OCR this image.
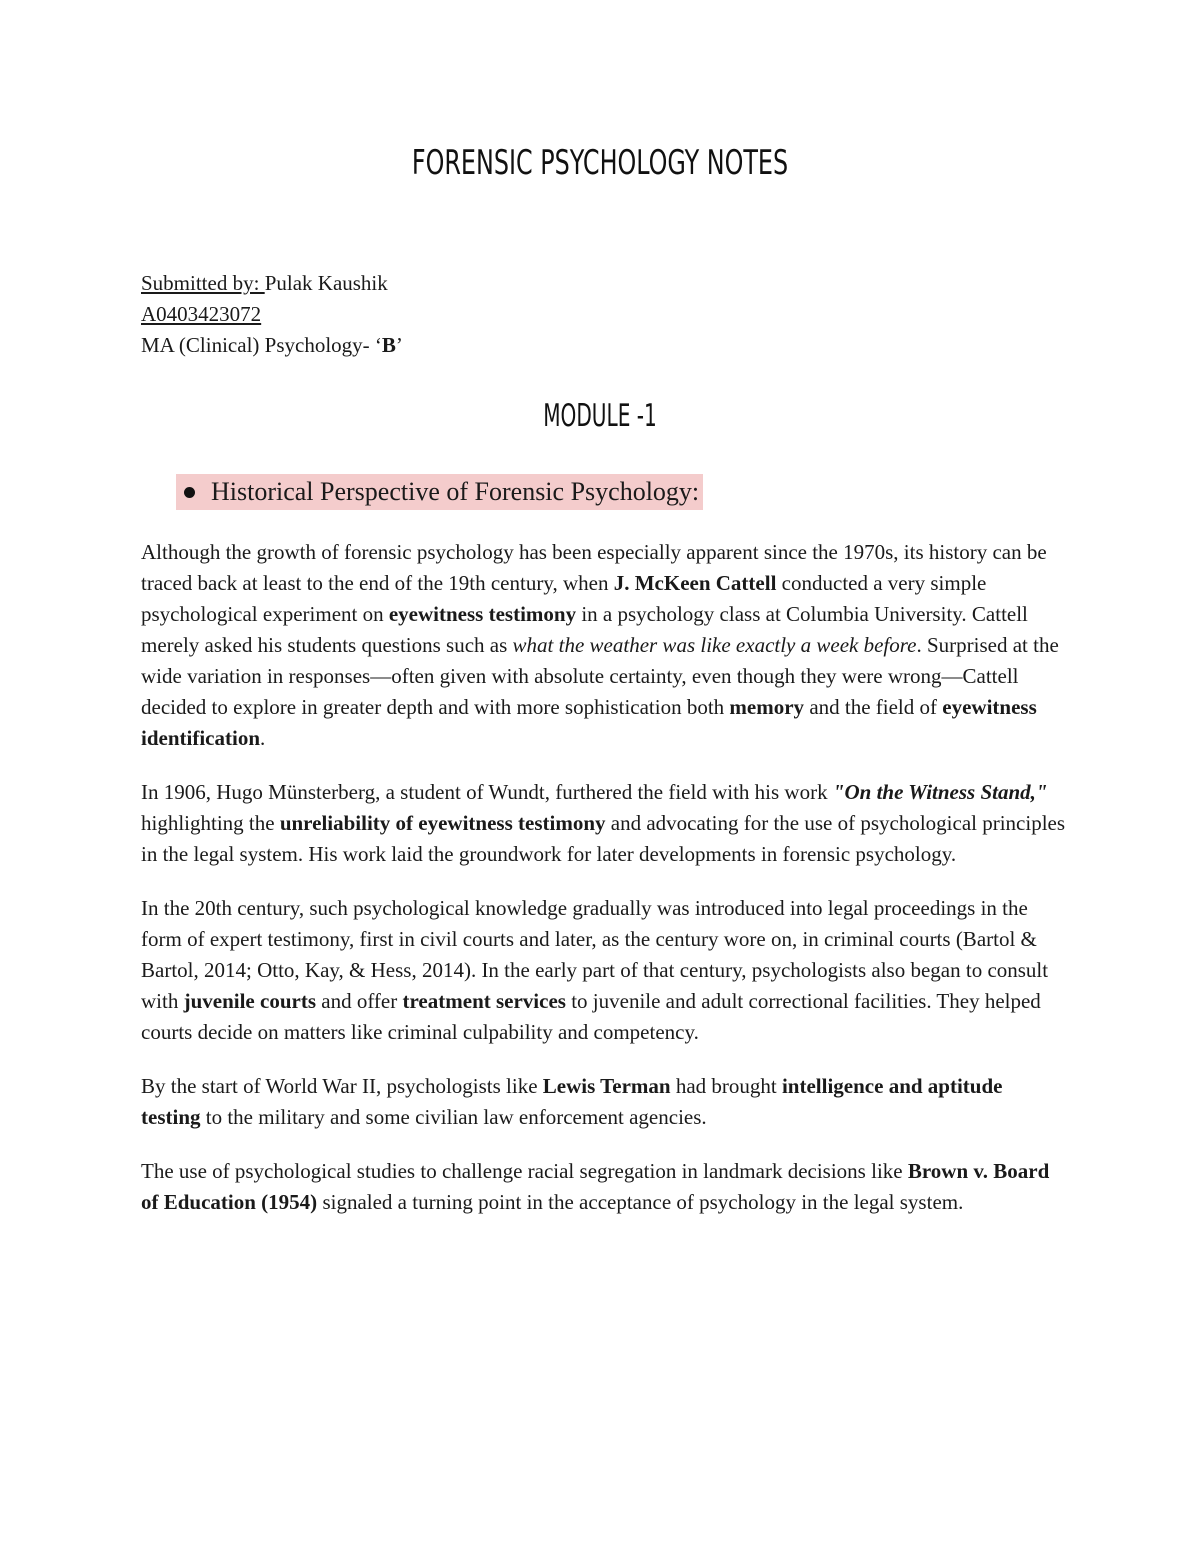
FORENSIC PSYCHOLOGY NOTES
Submitted by: Pulak Kaushik
A0403423072
MA (Clinical) Psychology- ‘B’
MODULE -1
Historical Perspective of Forensic Psychology:

Although the growth of forensic psychology has been especially apparent since the 1970s, its history can be traced back at least to the end of the 19th century, when J. McKeen Cattell conducted a very simple psychological experiment on eyewitness testimony in a psychology class at Columbia University. Cattell merely asked his students questions such as what the weather was like exactly a week before. Surprised at the wide variation in responses—often given with absolute certainty, even though they were wrong—Cattell decided to explore in greater depth and with more sophistication both memory and the field of eyewitness identification.

In 1906, Hugo Münsterberg, a student of Wundt, furthered the field with his work "On the Witness Stand," highlighting the unreliability of eyewitness testimony and advocating for the use of psychological principles in the legal system. His work laid the groundwork for later developments in forensic psychology.

In the 20th century, such psychological knowledge gradually was introduced into legal proceedings in the form of expert testimony, first in civil courts and later, as the century wore on, in criminal courts (Bartol & Bartol, 2014; Otto, Kay, & Hess, 2014). In the early part of that century, psychologists also began to consult with juvenile courts and offer treatment services to juvenile and adult correctional facilities. They helped courts decide on matters like criminal culpability and competency.

By the start of World War II, psychologists like Lewis Terman had brought intelligence and aptitude testing to the military and some civilian law enforcement agencies.

The use of psychological studies to challenge racial segregation in landmark decisions like Brown v. Board of Education (1954) signaled a turning point in the acceptance of psychology in the legal system.
